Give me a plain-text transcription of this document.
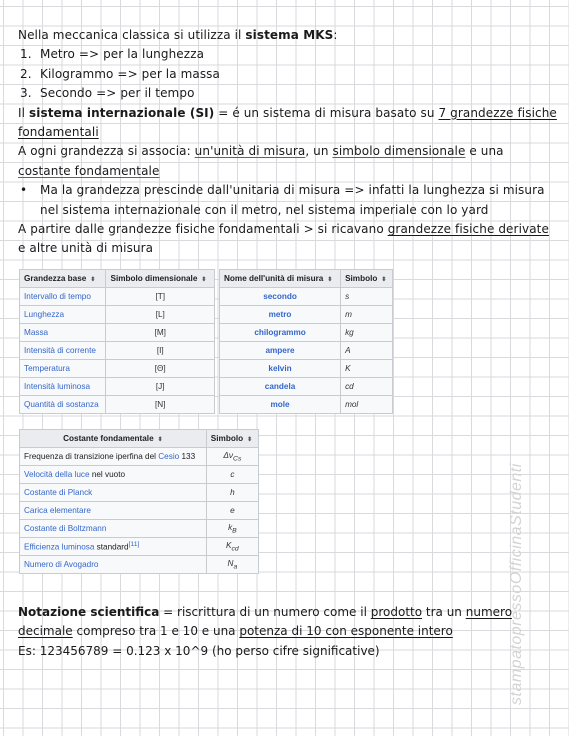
Nella meccanica classica si utilizza il sistema MKS:

1. Metro => per la lunghezza

2. Kilogrammo => per la massa

3. Secondo => per il tempo

Il sistema internazionale (SI) = é un sistema di misura basato su 7 grandezze fisiche fondamentali

A ogni grandezza si associa: un'unità di misura, un simbolo dimensionale e una costante fondamentale

• Ma la grandezza prescinde dall'unitaria di misura => infatti la lunghezza si misura nel sistema internazionale con il metro, nel sistema imperiale con lo yard

A partire dalle grandezze fisiche fondamentali > si ricavano grandezze fisiche derivate e altre unità di misura

Grandezza base ⬍	Simbolo dimensionale ⬍
Intervallo di tempo	[T]
Lunghezza	[L]
Massa	[M]
Intensità di corrente	[I]
Temperatura	[Θ]
Intensità luminosa	[J]
Quantità di sostanza	[N]
Nome dell'unità di misura ⬍	Simbolo ⬍
secondo	s
metro	m
chilogrammo	kg
ampere	A
kelvin	K
candela	cd
mole	mol
Costante fondamentale ⬍	Simbolo ⬍
Frequenza di transizione iperfina del Cesio 133	$\Delta\nu_{Cs}$
Velocità della luce nel vuoto	c
Costante di Planck	h
Carica elementare	e
Costante di Boltzmann	$k_B$
Efficienza luminosa standard[11]	$K_{cd}$
Numero di Avogadro	$N_a$	stampatopressoOfficinaStudenti

Notazione scientifica = riscrittura di un numero come il prodotto tra un numero decimale compreso tra 1 e 10 e una potenza di 10 con esponente intero

Es: 123456789 = 0.123 x 10^9 (ho perso cifre significative)
